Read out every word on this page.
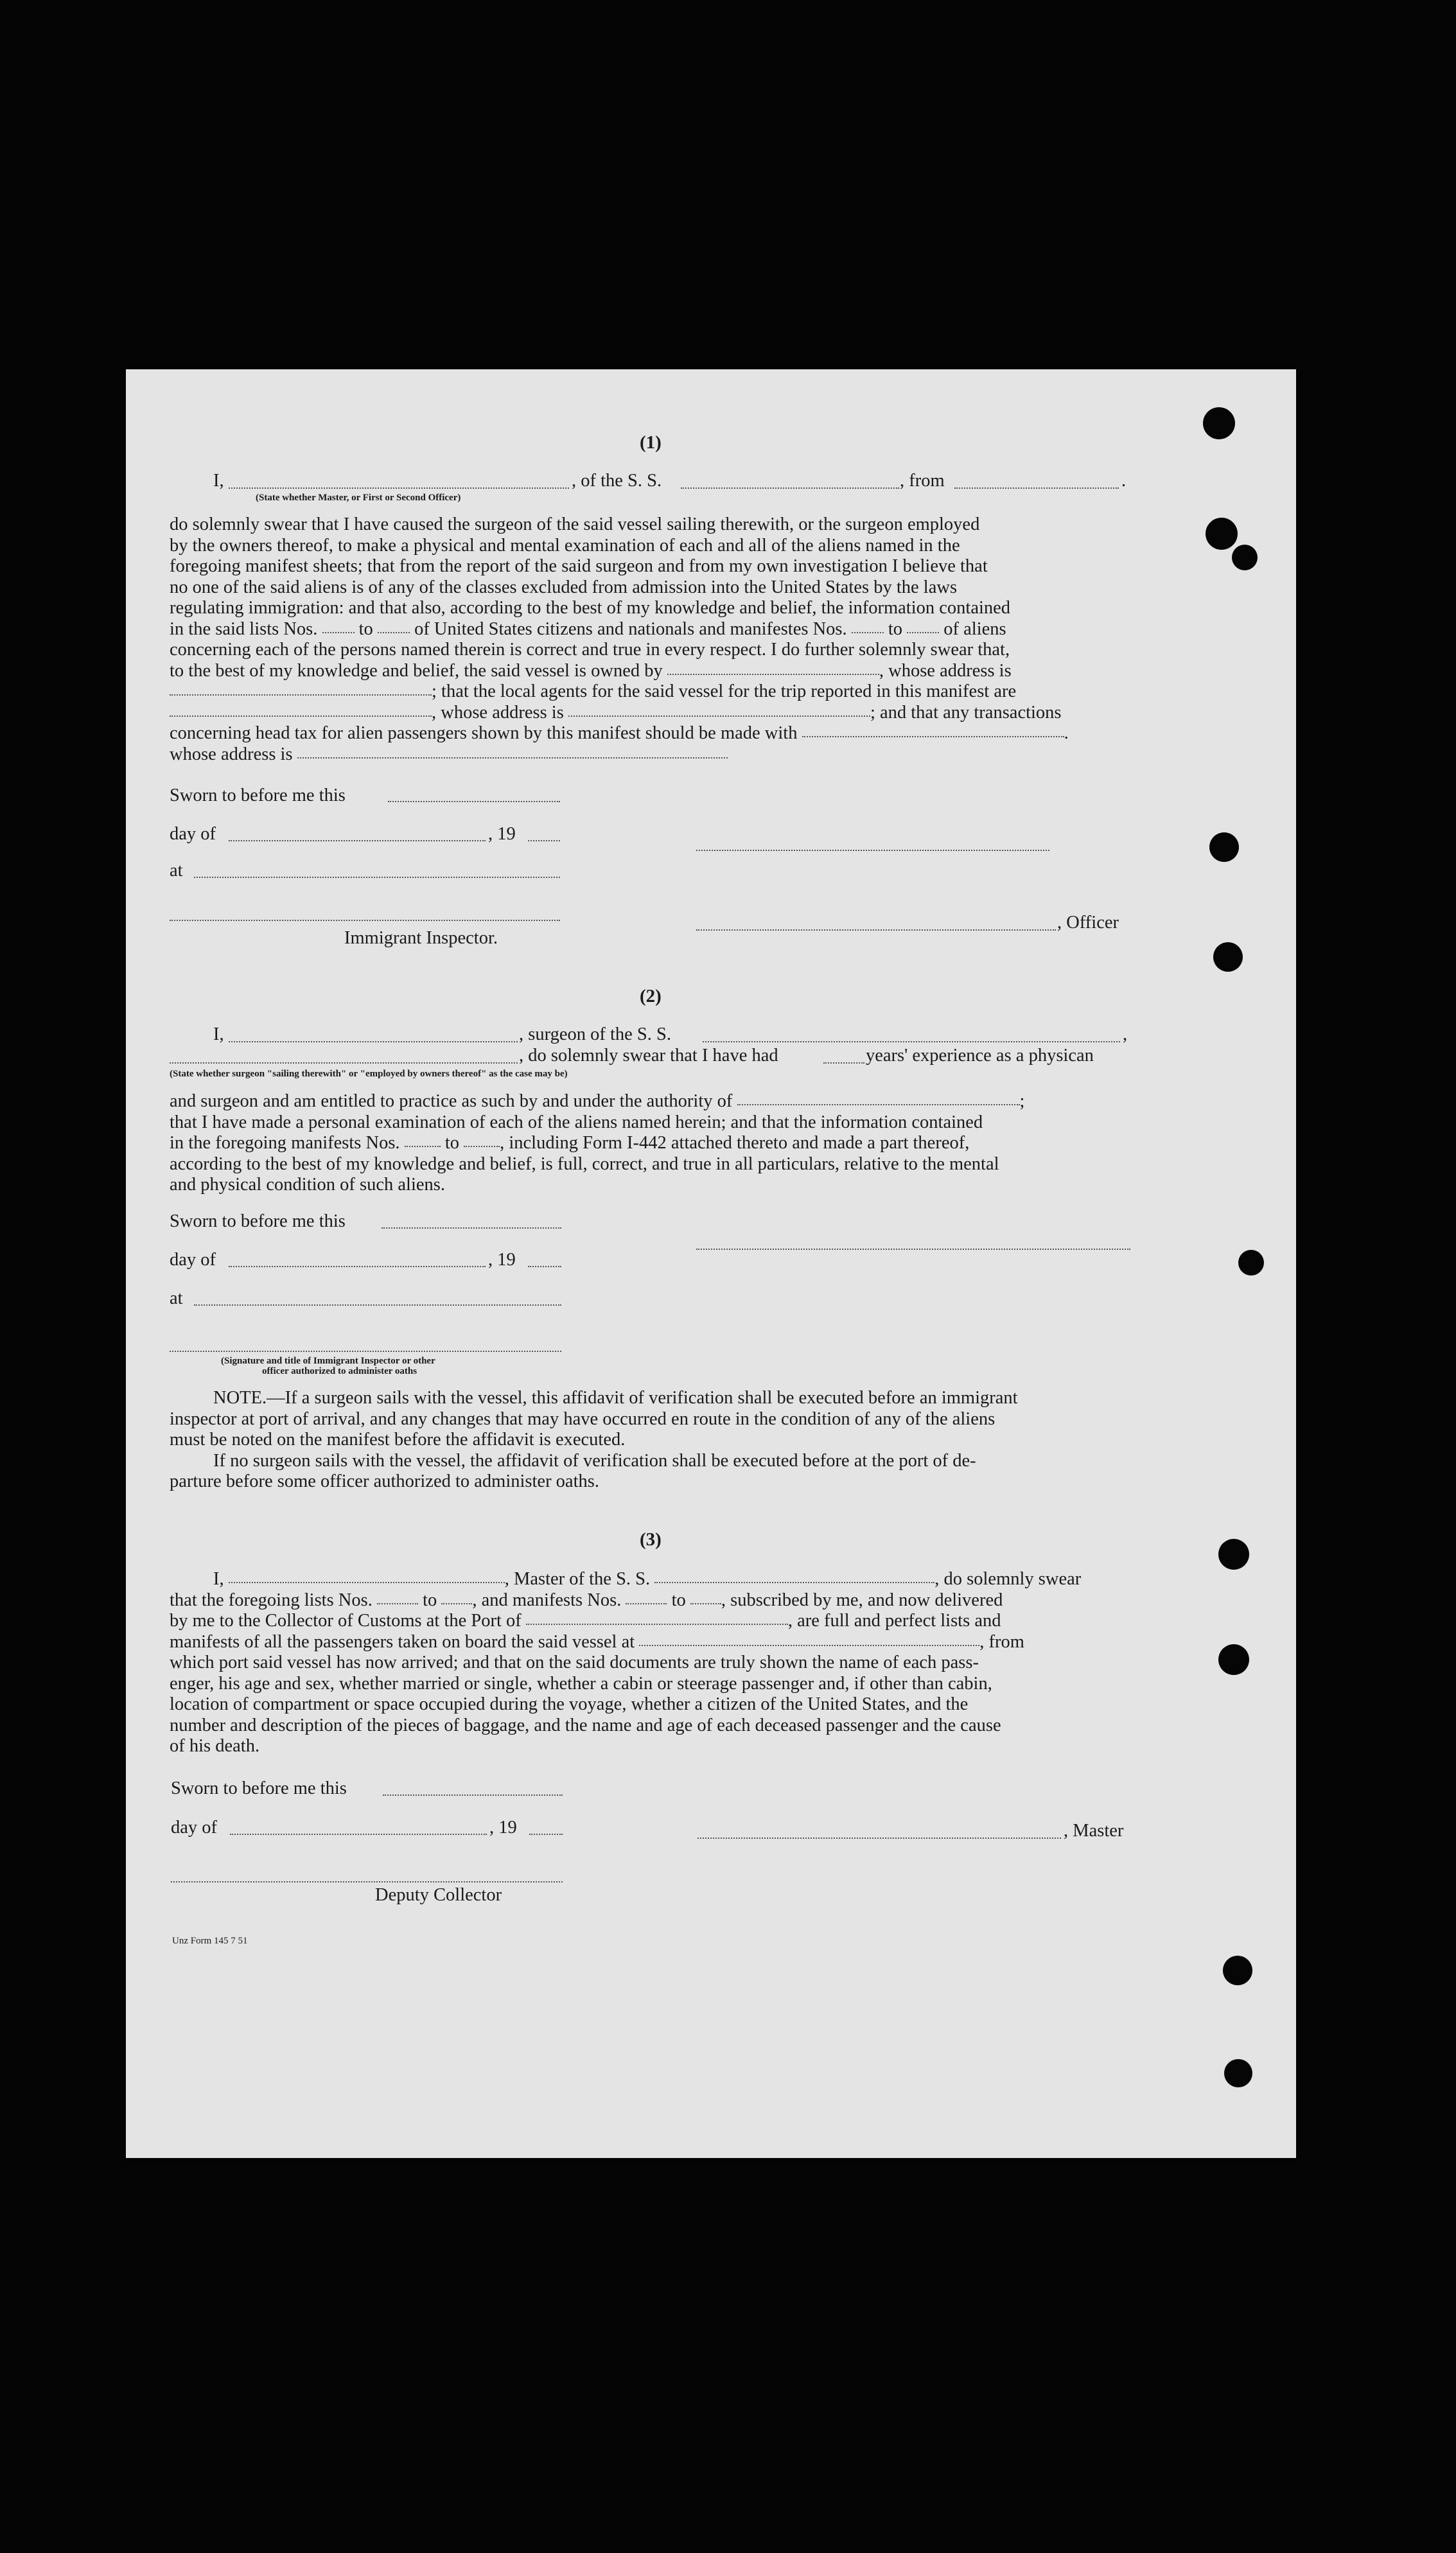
(1)
I,	, of the S. S.	, from	.
(State whether Master, or First or Second Officer)
do solemnly swear that I have caused the surgeon of the said vessel sailing therewith, or the surgeon employed
by the owners thereof, to make a physical and mental examination of each and all of the aliens named in the
foregoing manifest sheets; that from the report of the said surgeon and from my own investigation I believe that
no one of the said aliens is of any of the classes excluded from admission into the United States by the laws
regulating immigration: and that also, according to the best of my knowledge and belief, the information contained
in the said lists Nos. to of United States citizens and nationals and manifestes Nos. to of aliens
concerning each of the persons named therein is correct and true in every respect. I do further solemnly swear that,
to the best of my knowledge and belief, the said vessel is owned by	, whose address is
; that the local agents for the said vessel for the trip reported in this manifest are
, whose address is	; and that any transactions
concerning head tax for alien passengers shown by this manifest should be made with	.
whose address is
Sworn to before me this
day of	, 19
at
, Officer
Immigrant Inspector.
(2)
I,	, surgeon of the S. S.	,
, do solemnly swear that I have had	years' experience as a physican
(State whether surgeon "sailing therewith" or "employed by owners thereof" as the case may be)
and surgeon and am entitled to practice as such by and under the authority of	;
that I have made a personal examination of each of the aliens named herein; and that the information contained
in the foregoing manifests Nos. to , including Form I-442 attached thereto and made a part thereof,
according to the best of my knowledge and belief, is full, correct, and true in all particulars, relative to the mental
and physical condition of such aliens.
Sworn to before me this
day of	, 19
at
(Signature and title of Immigrant Inspector or other
officer authorized to administer oaths
NOTE.—If a surgeon sails with the vessel, this affidavit of verification shall be executed before an immigrant
inspector at port of arrival, and any changes that may have occurred en route in the condition of any of the aliens
must be noted on the manifest before the affidavit is executed.
If no surgeon sails with the vessel, the affidavit of verification shall be executed before at the port of de-
parture before some officer authorized to administer oaths.
(3)
I,	, Master of the S. S.	, do solemnly swear
that the foregoing lists Nos.	to , and manifests Nos.	to , subscribed by me, and now delivered
by me to the Collector of Customs at the Port of	, are full and perfect lists and
manifests of all the passengers taken on board the said vessel at	, from
which port said vessel has now arrived; and that on the said documents are truly shown the name of each pass-
enger, his age and sex, whether married or single, whether a cabin or steerage passenger and, if other than cabin,
location of compartment or space occupied during the voyage, whether a citizen of the United States, and the
number and description of the pieces of baggage, and the name and age of each deceased passenger and the cause
of his death.
Sworn to before me this
day of	, 19	, Master
Deputy Collector
Unz Form 145 7 51
